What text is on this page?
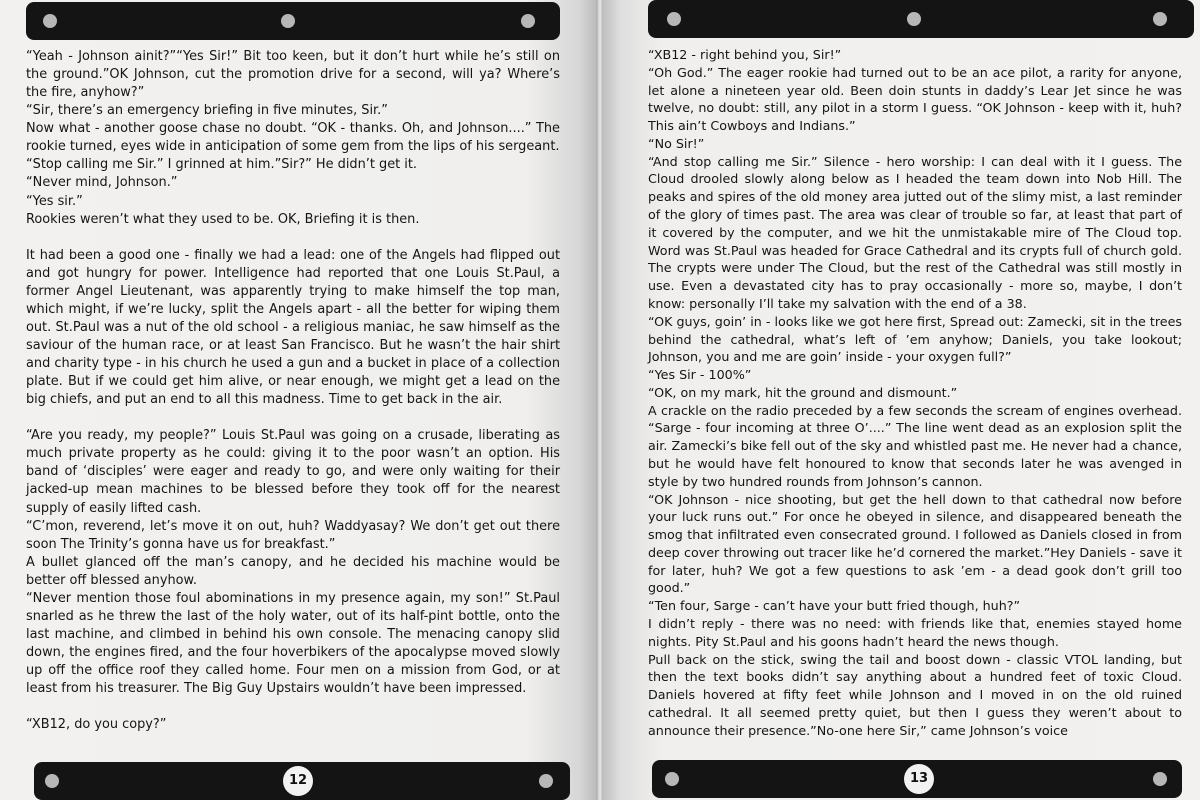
“Yeah - Johnson ainit?”“Yes Sir!” Bit too keen, but it don’t hurt while he’s still on the ground.”OK Johnson, cut the promotion drive for a second, will ya? Where’s the fire, anyhow?”

“Sir, there’s an emergency briefing in five minutes, Sir.”

Now what - another goose chase no doubt. “OK - thanks. Oh, and Johnson....” The rookie turned, eyes wide in anticipation of some gem from the lips of his sergeant.

“Stop calling me Sir.” I grinned at him.”Sir?” He didn’t get it.

“Never mind, Johnson.”

“Yes sir.”

Rookies weren’t what they used to be. OK, Briefing it is then.

It had been a good one - finally we had a lead: one of the Angels had flipped out and got hungry for power. Intelligence had reported that one Louis St.Paul, a former Angel Lieutenant, was apparently trying to make himself the top man, which might, if we’re lucky, split the Angels apart - all the better for wiping them out. St.Paul was a nut of the old school - a religious maniac, he saw himself as the saviour of the human race, or at least San Francisco. But he wasn’t the hair shirt and charity type - in his church he used a gun and a bucket in place of a collection plate. But if we could get him alive, or near enough, we might get a lead on the big chiefs, and put an end to all this madness. Time to get back in the air.

“Are you ready, my people?” Louis St.Paul was going on a crusade, liberating as much private property as he could: giving it to the poor wasn’t an option. His band of ‘disciples’ were eager and ready to go, and were only waiting for their jacked-up mean machines to be blessed before they took off for the nearest supply of easily lifted cash.

“C’mon, reverend, let’s move it on out, huh? Waddyasay? We don’t get out there soon The Trinity’s gonna have us for breakfast.”

A bullet glanced off the man’s canopy, and he decided his machine would be better off blessed anyhow.

“Never mention those foul abominations in my presence again, my son!” St.Paul snarled as he threw the last of the holy water, out of its half-pint bottle, onto the last machine, and climbed in behind his own console. The menacing canopy slid down, the engines fired, and the four hoverbikers of the apocalypse moved slowly up off the office roof they called home. Four men on a mission from God, or at least from his treasurer. The Big Guy Upstairs wouldn’t have been impressed.

“XB12, do you copy?”

12

“XB12 - right behind you, Sir!”

“Oh God.” The eager rookie had turned out to be an ace pilot, a rarity for anyone, let alone a nineteen year old. Been doin stunts in daddy’s Lear Jet since he was twelve, no doubt: still, any pilot in a storm I guess. “OK Johnson - keep with it, huh? This ain’t Cowboys and Indians.”

“No Sir!”

“And stop calling me Sir.” Silence - hero worship: I can deal with it I guess. The Cloud drooled slowly along below as I headed the team down into Nob Hill. The peaks and spires of the old money area jutted out of the slimy mist, a last reminder of the glory of times past. The area was clear of trouble so far, at least that part of it covered by the computer, and we hit the unmistakable mire of The Cloud top. Word was St.Paul was headed for Grace Cathedral and its crypts full of church gold. The crypts were under The Cloud, but the rest of the Cathedral was still mostly in use. Even a devastated city has to pray occasionally - more so, maybe, I don’t know: personally I’ll take my salvation with the end of a 38.

“OK guys, goin’ in - looks like we got here first, Spread out: Zamecki, sit in the trees behind the cathedral, what’s left of ’em anyhow; Daniels, you take lookout; Johnson, you and me are goin’ inside - your oxygen full?”

“Yes Sir - 100%”

“OK, on my mark, hit the ground and dismount.”

A crackle on the radio preceded by a few seconds the scream of engines overhead. “Sarge - four incoming at three O’....” The line went dead as an explosion split the air. Zamecki’s bike fell out of the sky and whistled past me. He never had a chance, but he would have felt honoured to know that seconds later he was avenged in style by two hundred rounds from Johnson’s cannon.

“OK Johnson - nice shooting, but get the hell down to that cathedral now before your luck runs out.” For once he obeyed in silence, and disappeared beneath the smog that infiltrated even consecrated ground. I followed as Daniels closed in from deep cover throwing out tracer like he’d cornered the market.”Hey Daniels - save it for later, huh? We got a few questions to ask ’em - a dead gook don’t grill too good.”

“Ten four, Sarge - can’t have your butt fried though, huh?”

I didn’t reply - there was no need: with friends like that, enemies stayed home nights. Pity St.Paul and his goons hadn’t heard the news though.

Pull back on the stick, swing the tail and boost down - classic VTOL landing, but then the text books didn’t say anything about a hundred feet of toxic Cloud. Daniels hovered at fifty feet while Johnson and I moved in on the old ruined cathedral. It all seemed pretty quiet, but then I guess they weren’t about to announce their presence.”No-one here Sir,” came Johnson’s voice

13
